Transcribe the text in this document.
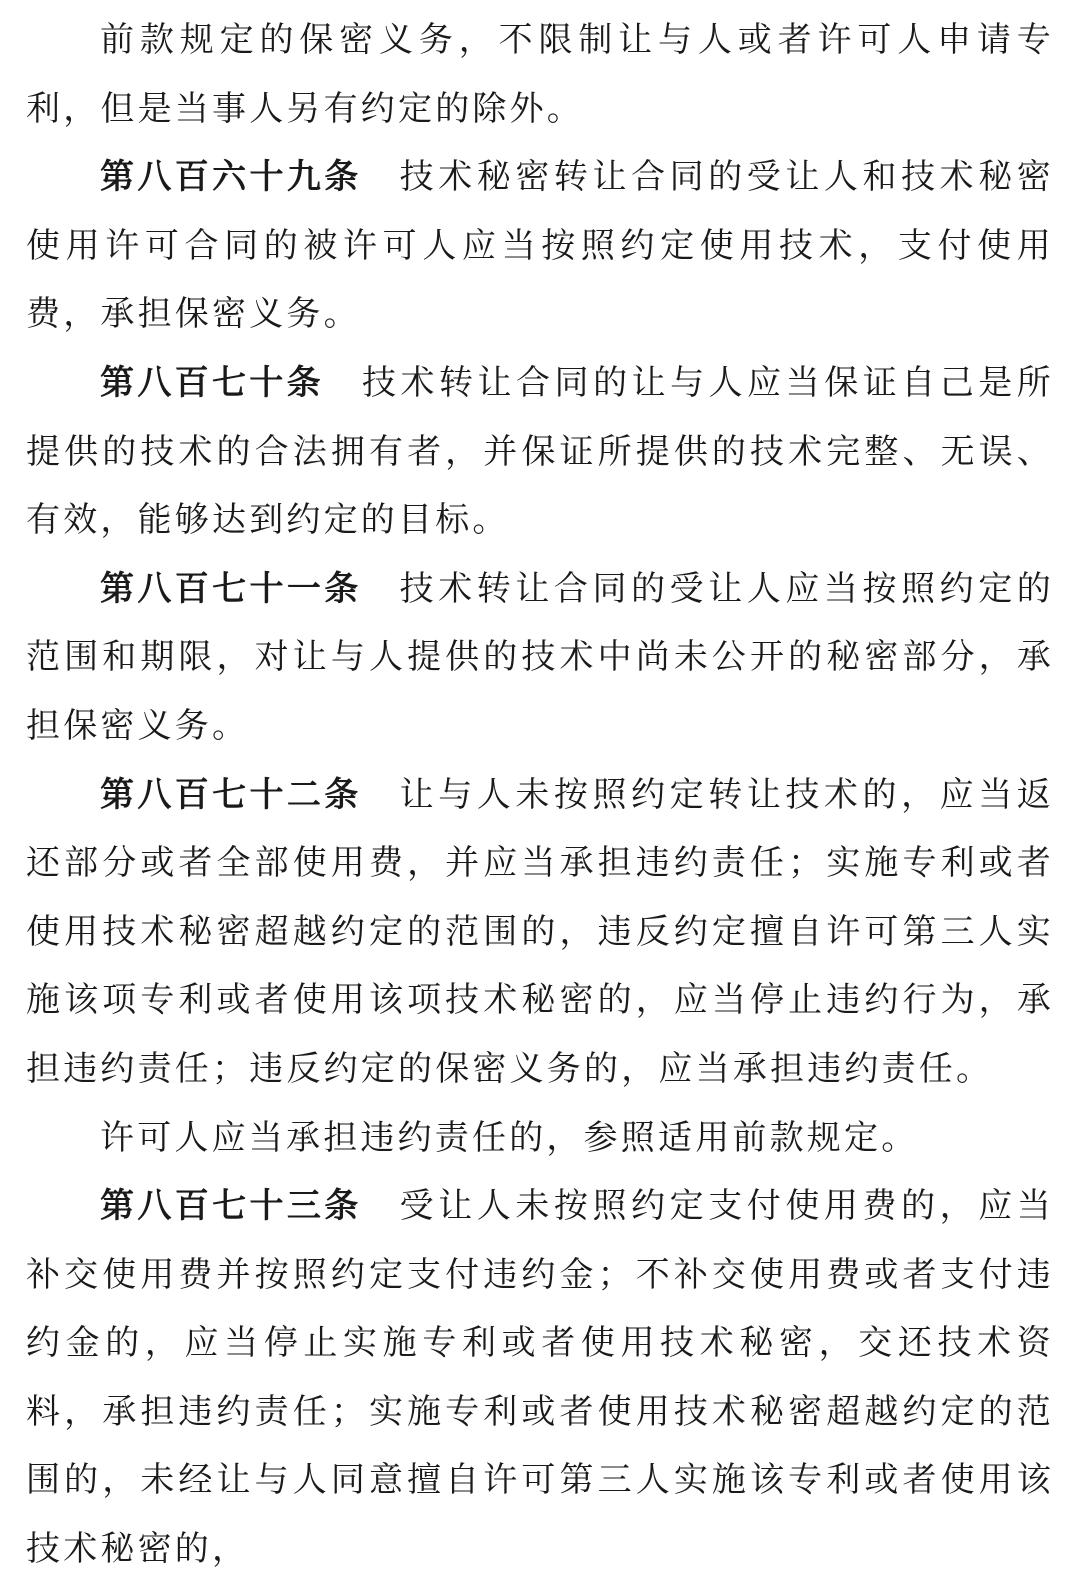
前款规定的保密义务，不限制让与人或者许可人申请专利，但是当事人另有约定的除外。

第八百六十九条 技术秘密转让合同的受让人和技术秘密使用许可合同的被许可人应当按照约定使用技术，支付使用费，承担保密义务。

第八百七十条 技术转让合同的让与人应当保证自己是所提供的技术的合法拥有者，并保证所提供的技术完整、无误、有效，能够达到约定的目标。

第八百七十一条 技术转让合同的受让人应当按照约定的范围和期限，对让与人提供的技术中尚未公开的秘密部分，承担保密义务。

第八百七十二条 让与人未按照约定转让技术的，应当返还部分或者全部使用费，并应当承担违约责任；实施专利或者使用技术秘密超越约定的范围的，违反约定擅自许可第三人实施该项专利或者使用该项技术秘密的，应当停止违约行为，承担违约责任；违反约定的保密义务的，应当承担违约责任。

许可人应当承担违约责任的，参照适用前款规定。

第八百七十三条 受让人未按照约定支付使用费的，应当补交使用费并按照约定支付违约金；不补交使用费或者支付违约金的，应当停止实施专利或者使用技术秘密，交还技术资料，承担违约责任；实施专利或者使用技术秘密超越约定的范围的，未经让与人同意擅自许可第三人实施该专利或者使用该技术秘密的，
